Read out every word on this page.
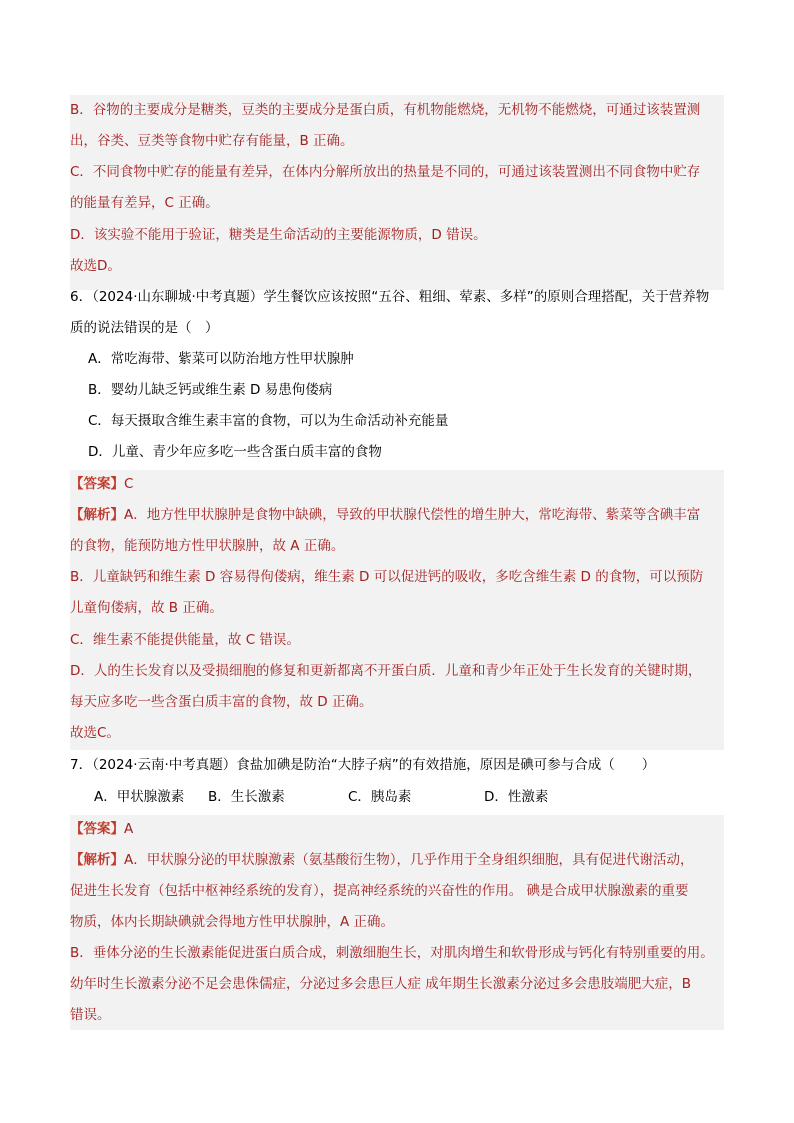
B．谷物的主要成分是糖类，豆类的主要成分是蛋白质，有机物能燃烧，无机物不能燃烧，可通过该装置测
出，谷类、豆类等食物中贮存有能量，B 正确。
C．不同食物中贮存的能量有差异，在体内分解所放出的热量是不同的，可通过该装置测出不同食物中贮存
的能量有差异，C 正确。
D．该实验不能用于验证，糖类是生命活动的主要能源物质，D 错误。
故选D。
6．（2024·山东聊城·中考真题）学生餐饮应该按照“五谷、粗细、荤素、多样”的原则合理搭配，关于营养物
质的说法错误的是（　）
A．常吃海带、紫菜可以防治地方性甲状腺肿
B．婴幼儿缺乏钙或维生素 D 易患佝偻病
C．每天摄取含维生素丰富的食物，可以为生命活动补充能量
D．儿童、青少年应多吃一些含蛋白质丰富的食物
【答案】C
【解析】A．地方性甲状腺肿是食物中缺碘，导致的甲状腺代偿性的增生肿大，常吃海带、紫菜等含碘丰富
的食物，能预防地方性甲状腺肿，故 A 正确。
B．儿童缺钙和维生素 D 容易得佝偻病，维生素 D 可以促进钙的吸收，多吃含维生素 D 的食物，可以预防
儿童佝偻病，故 B 正确。
C．维生素不能提供能量，故 C 错误。
D．人的生长发育以及受损细胞的修复和更新都离不开蛋白质．儿童和青少年正处于生长发育的关键时期，
每天应多吃一些含蛋白质丰富的食物，故 D 正确。
故选C。
7．（2024·云南·中考真题）食盐加碘是防治“大脖子病”的有效措施，原因是碘可参与合成（　　）
A．甲状腺激素 B．生长激素	C．胰岛素	D．性激素
【答案】A
【解析】A．甲状腺分泌的甲状腺激素（氨基酸衍生物），几乎作用于全身组织细胞，具有促进代谢活动，
促进生长发育（包括中枢神经系统的发育），提高神经系统的兴奋性的作用。 碘是合成甲状腺激素的重要
物质，体内长期缺碘就会得地方性甲状腺肿，A 正确。
B．垂体分泌的生长激素能促进蛋白质合成，刺激细胞生长，对肌肉增生和软骨形成与钙化有特别重要的用。
幼年时生长激素分泌不足会患侏儒症，分泌过多会患巨人症 成年期生长激素分泌过多会患肢端肥大症，B
错误。
